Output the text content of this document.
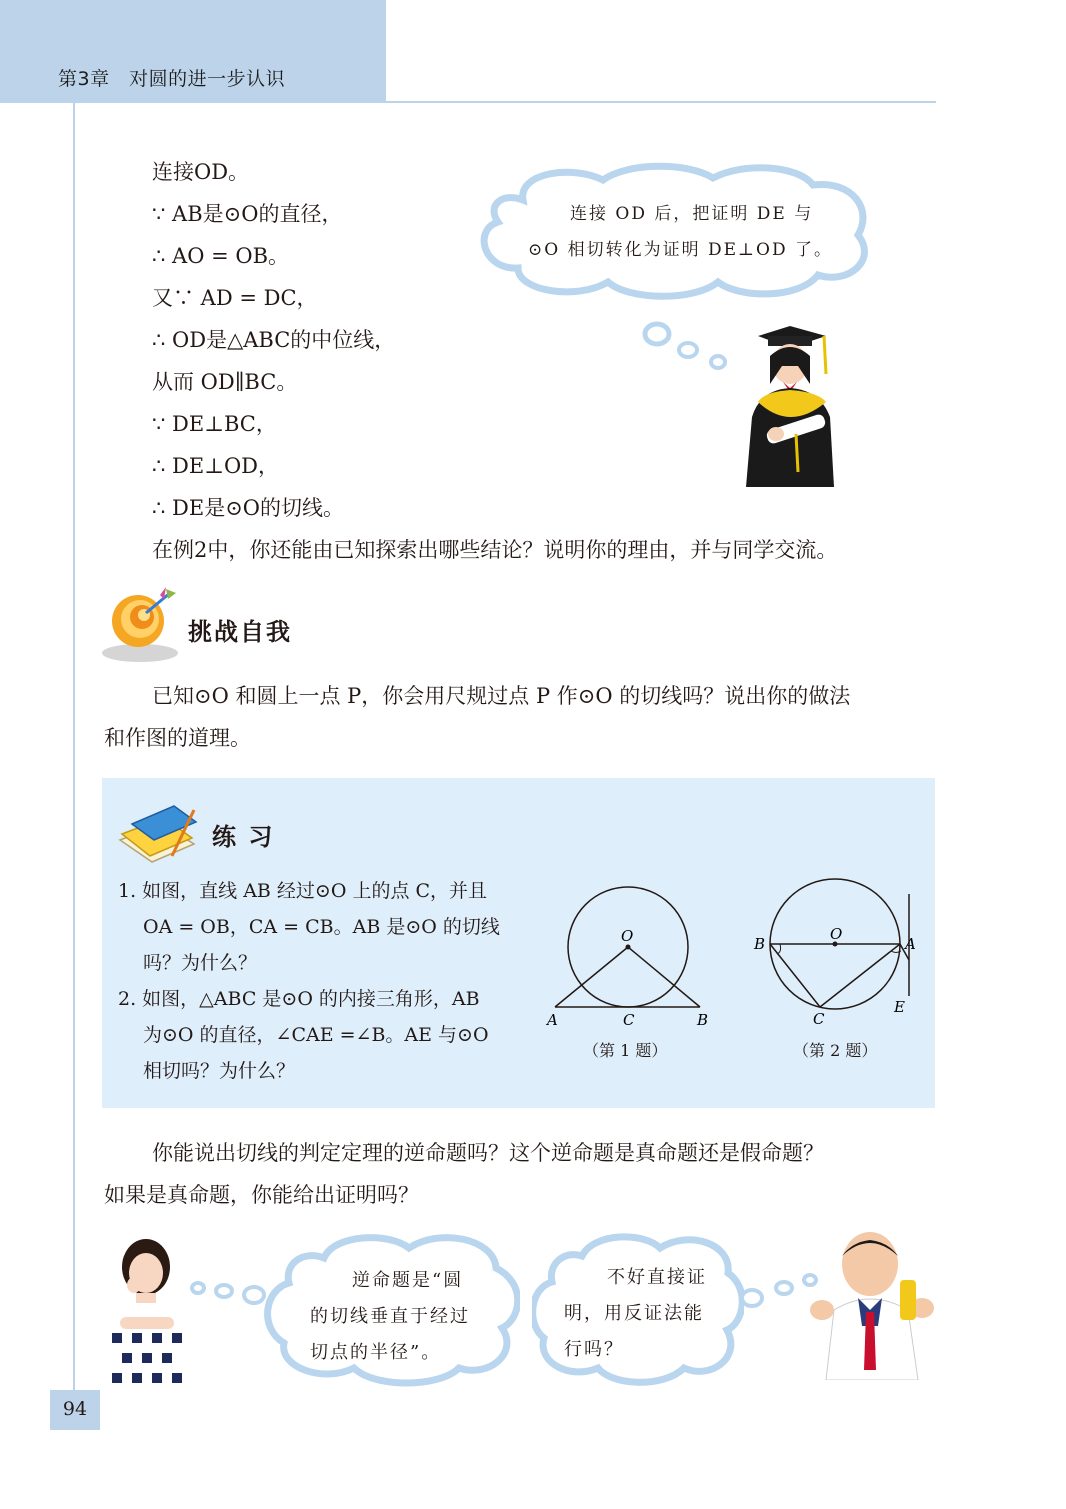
第3章　对圆的进一步认识
连接OD。
∵ AB是⊙O的直径，
∴ AO = OB。
又∵ AD = DC，
∴ OD是△ABC的中位线，
从而 OD∥BC。
∵ DE⊥BC，
∴ DE⊥OD，
∴ DE是⊙O的切线。
在例2中，你还能由已知探索出哪些结论？说明你的理由，并与同学交流。
连接 OD 后，把证明 DE 与
⊙O 相切转化为证明 DE⊥OD 了。
挑战自我
已知⊙O 和圆上一点 P，你会用尺规过点 P 作⊙O 的切线吗？说出你的做法
和作图的道理。
练 习
1. 如图，直线 AB 经过⊙O 上的点 C，并且
OA = OB，CA = CB。AB 是⊙O 的切线
吗？为什么？
2. 如图，△ABC 是⊙O 的内接三角形，AB
为⊙O 的直径，∠CAE =∠B。AE 与⊙O
相切吗？为什么？
O
A	C	B
（第 1 题）
O
B	A
C
E
（第 2 题）
你能说出切线的判定定理的逆命题吗？这个逆命题是真命题还是假命题？
如果是真命题，你能给出证明吗？
逆命题是“圆
的切线垂直于经过
切点的半径”。
不好直接证
明，用反证法能
行吗？
94
